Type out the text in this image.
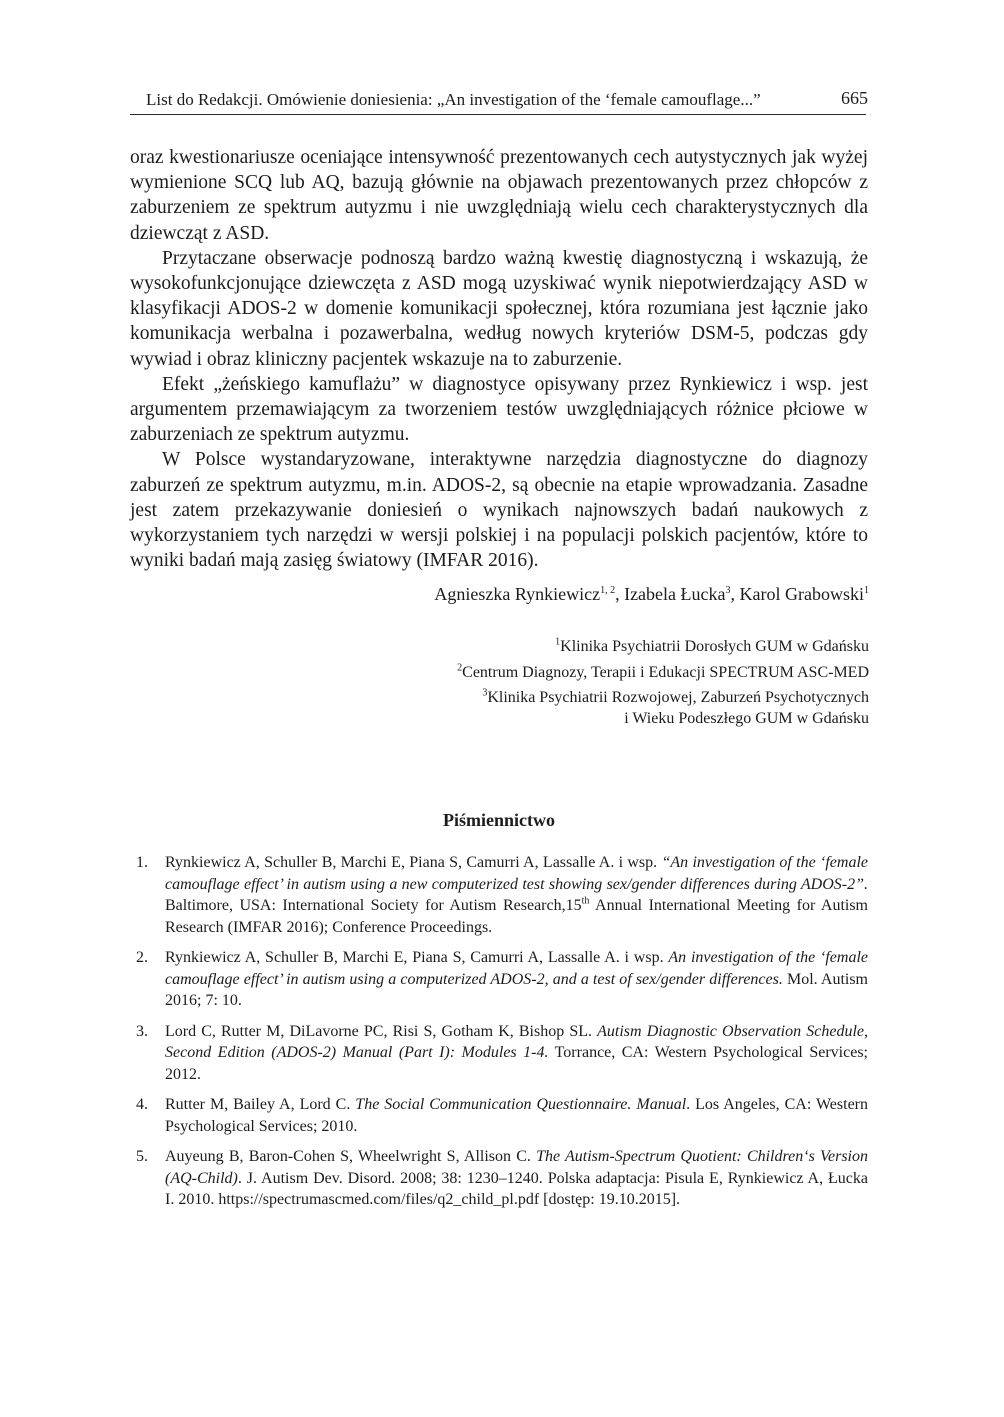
List do Redakcji. Omówienie doniesienia: „An investigation of the ‘female camouflage...”	665

oraz kwestionariusze oceniające intensywność prezentowanych cech autystycznych jak wyżej wymienione SCQ lub AQ, bazują głównie na objawach prezentowanych przez chłopców z zaburzeniem ze spektrum autyzmu i nie uwzględniają wielu cech charakterystycznych dla dziewcząt z ASD.

Przytaczane obserwacje podnoszą bardzo ważną kwestię diagnostyczną i wskazują, że wysokofunkcjonujące dziewczęta z ASD mogą uzyskiwać wynik niepotwierdzający ASD w klasyfikacji ADOS-2 w domenie komunikacji społecznej, która rozumiana jest łącznie jako komunikacja werbalna i pozawerbalna, według nowych kryteriów DSM-5, podczas gdy wywiad i obraz kliniczny pacjentek wskazuje na to zaburzenie.

Efekt „żeńskiego kamuflażu” w diagnostyce opisywany przez Rynkiewicz i wsp. jest argumentem przemawiającym za tworzeniem testów uwzględniających różnice płciowe w zaburzeniach ze spektrum autyzmu.

W Polsce wystandaryzowane, interaktywne narzędzia diagnostyczne do diagnozy zaburzeń ze spektrum autyzmu, m.in. ADOS-2, są obecnie na etapie wprowadzania. Zasadne jest zatem przekazywanie doniesień o wynikach najnowszych badań naukowych z wykorzystaniem tych narzędzi w wersji polskiej i na populacji polskich pacjentów, które to wyniki badań mają zasięg światowy (IMFAR 2016).

Agnieszka Rynkiewicz$^{1, 2}$, Izabela Łucka$^3$, Karol Grabowski$^1$
$^1$Klinika Psychiatrii Dorosłych GUM w Gdańsku
$^2$Centrum Diagnozy, Terapii i Edukacji SPECTRUM ASC-MED
$^3$Klinika Psychiatrii Rozwojowej, Zaburzeń Psychotycznych
i Wieku Podeszłego GUM w Gdańsku
Piśmiennictwo
1. Rynkiewicz A, Schuller B, Marchi E, Piana S, Camurri A, Lassalle A. i wsp. “An investigation of the ‘female camouflage effect’ in autism using a new computerized test showing sex/gender differences during ADOS-2”. Baltimore, USA: International Society for Autism Research,15th Annual International Meeting for Autism Research (IMFAR 2016); Conference Proceedings.
2. Rynkiewicz A, Schuller B, Marchi E, Piana S, Camurri A, Lassalle A. i wsp. An investigation of the ‘female camouflage effect’ in autism using a computerized ADOS-2, and a test of sex/gender differences. Mol. Autism 2016; 7: 10.
3. Lord C, Rutter M, DiLavorne PC, Risi S, Gotham K, Bishop SL. Autism Diagnostic Observation Schedule, Second Edition (ADOS-2) Manual (Part I): Modules 1-4. Torrance, CA: Western Psychological Services; 2012.
4. Rutter M, Bailey A, Lord C. The Social Communication Questionnaire. Manual. Los Angeles, CA: Western Psychological Services; 2010.
5. Auyeung B, Baron-Cohen S, Wheelwright S, Allison C. The Autism-Spectrum Quotient: Children‘s Version (AQ-Child). J. Autism Dev. Disord. 2008; 38: 1230–1240. Polska adaptacja: Pisula E, Rynkiewicz A, Łucka I. 2010. https://spectrumascmed.com/files/q2_child_pl.pdf [dostęp: 19.10.2015].
